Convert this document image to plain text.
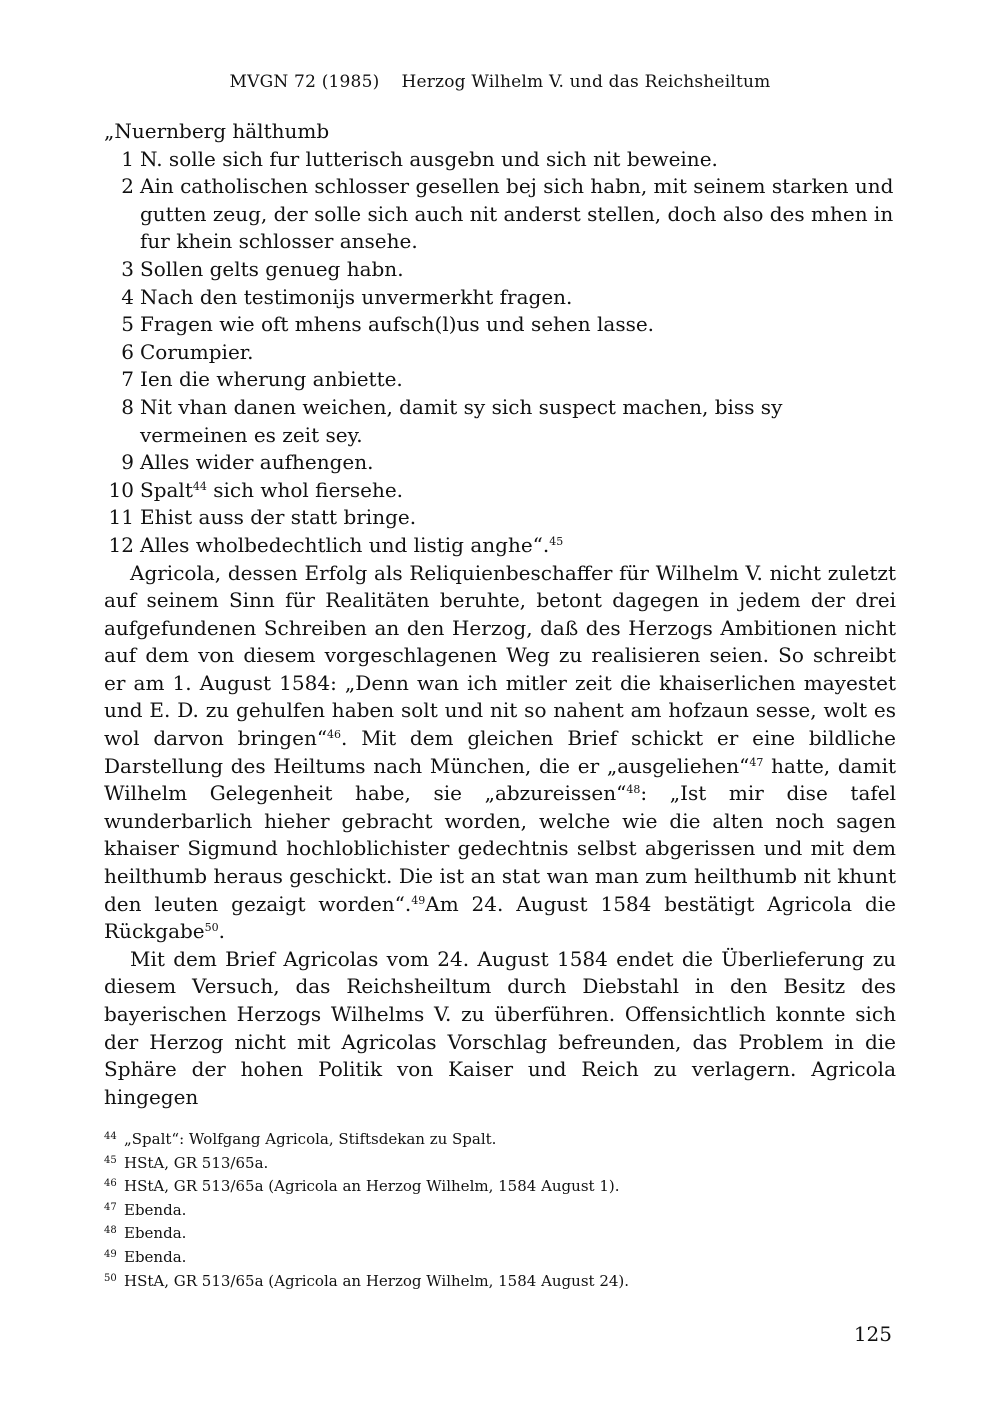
MVGN 72 (1985) Herzog Wilhelm V. und das Reichsheiltum

„Nuernberg hälthumb

1 N. solle sich fur lutterisch ausgebn und sich nit beweine.
2 Ain catholischen schlosser gesellen bej sich habn, mit seinem starken und gutten zeug, der solle sich auch nit anderst stellen, doch also des mhen in fur khein schlosser ansehe.
3 Sollen gelts genueg habn.
4 Nach den testimonijs unvermerkht fragen.
5 Fragen wie oft mhens aufsch(l)us und sehen lasse.
6 Corumpier.
7 Ien die wherung anbiette.
8 Nit vhan danen weichen, damit sy sich suspect machen, biss sy vermeinen es zeit sey.
9 Alles wider aufhengen.
10 Spalt$^{44}$ sich whol fiersehe.
11 Ehist auss der statt bringe.
12 Alles wholbedechtlich und listig anghe“.$^{45}$

Agricola, dessen Erfolg als Reliquienbeschaffer für Wilhelm V. nicht zuletzt auf seinem Sinn für Realitäten beruhte, betont dagegen in jedem der drei aufgefundenen Schreiben an den Herzog, daß des Herzogs Ambitionen nicht auf dem von diesem vorgeschlagenen Weg zu realisieren seien. So schreibt er am 1. August 1584: „Denn wan ich mitler zeit die khaiserlichen mayestet und E. D. zu gehulfen haben solt und nit so nahent am hofzaun sesse, wolt es wol darvon bringen“$^{46}$. Mit dem gleichen Brief schickt er eine bildliche Darstellung des Heiltums nach München, die er „ausgeliehen“$^{47}$ hatte, damit Wilhelm Gelegenheit habe, sie „abzureissen“$^{48}$: „Ist mir dise tafel wunderbarlich hieher gebracht worden, welche wie die alten noch sagen khaiser Sigmund hochloblichister gedechtnis selbst abgerissen und mit dem heilthumb heraus geschickt. Die ist an stat wan man zum heilthumb nit khunt den leuten gezaigt worden“.$^{49}$Am 24. August 1584 bestätigt Agricola die Rückgabe$^{50}$.

Mit dem Brief Agricolas vom 24. August 1584 endet die Überlieferung zu diesem Versuch, das Reichsheiltum durch Diebstahl in den Besitz des bayerischen Herzogs Wilhelms V. zu überführen. Offensichtlich konnte sich der Herzog nicht mit Agricolas Vorschlag befreunden, das Problem in die Sphäre der hohen Politik von Kaiser und Reich zu verlagern. Agricola hingegen

44 „Spalt“: Wolfgang Agricola, Stiftsdekan zu Spalt.
45 HStA, GR 513/65a.
46 HStA, GR 513/65a (Agricola an Herzog Wilhelm, 1584 August 1).
47 Ebenda.
48 Ebenda.
49 Ebenda.
50 HStA, GR 513/65a (Agricola an Herzog Wilhelm, 1584 August 24).
125
